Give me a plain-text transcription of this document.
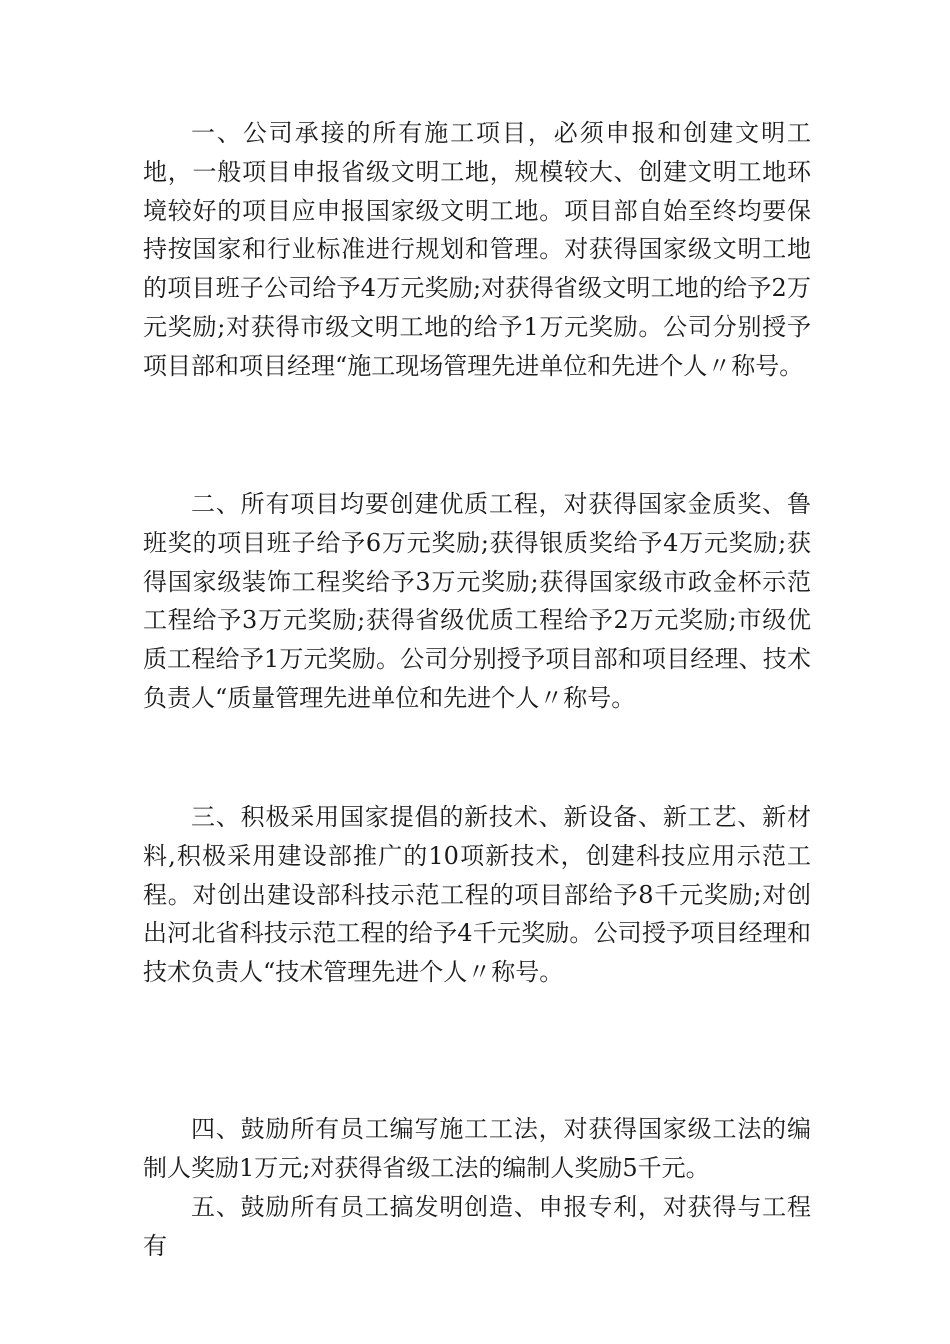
一、公司承接的所有施工项目，必须申报和创建文明工地，一般项目申报省级文明工地，规模较大、创建文明工地环境较好的项目应申报国家级文明工地。项目部自始至终均要保持按国家和行业标准进行规划和管理。对获得国家级文明工地的项目班子公司给予4万元奖励;对获得省级文明工地的给予2万元奖励;对获得市级文明工地的给予1万元奖励。公司分别授予项目部和项目经理“施工现场管理先进单位和先进个人〃称号。

二、所有项目均要创建优质工程，对获得国家金质奖、鲁班奖的项目班子给予6万元奖励;获得银质奖给予4万元奖励;获得国家级装饰工程奖给予3万元奖励;获得国家级市政金杯示范工程给予3万元奖励;获得省级优质工程给予2万元奖励;市级优质工程给予1万元奖励。公司分别授予项目部和项目经理、技术负责人“质量管理先进单位和先进个人〃称号。

三、积极采用国家提倡的新技术、新设备、新工艺、新材料,积极采用建设部推广的10项新技术，创建科技应用示范工程。对创出建设部科技示范工程的项目部给予8千元奖励;对创出河北省科技示范工程的给予4千元奖励。公司授予项目经理和技术负责人“技术管理先进个人〃称号。

四、鼓励所有员工编写施工工法，对获得国家级工法的编制人奖励1万元;对获得省级工法的编制人奖励5千元。

五、鼓励所有员工搞发明创造、申报专利，对获得与工程有
